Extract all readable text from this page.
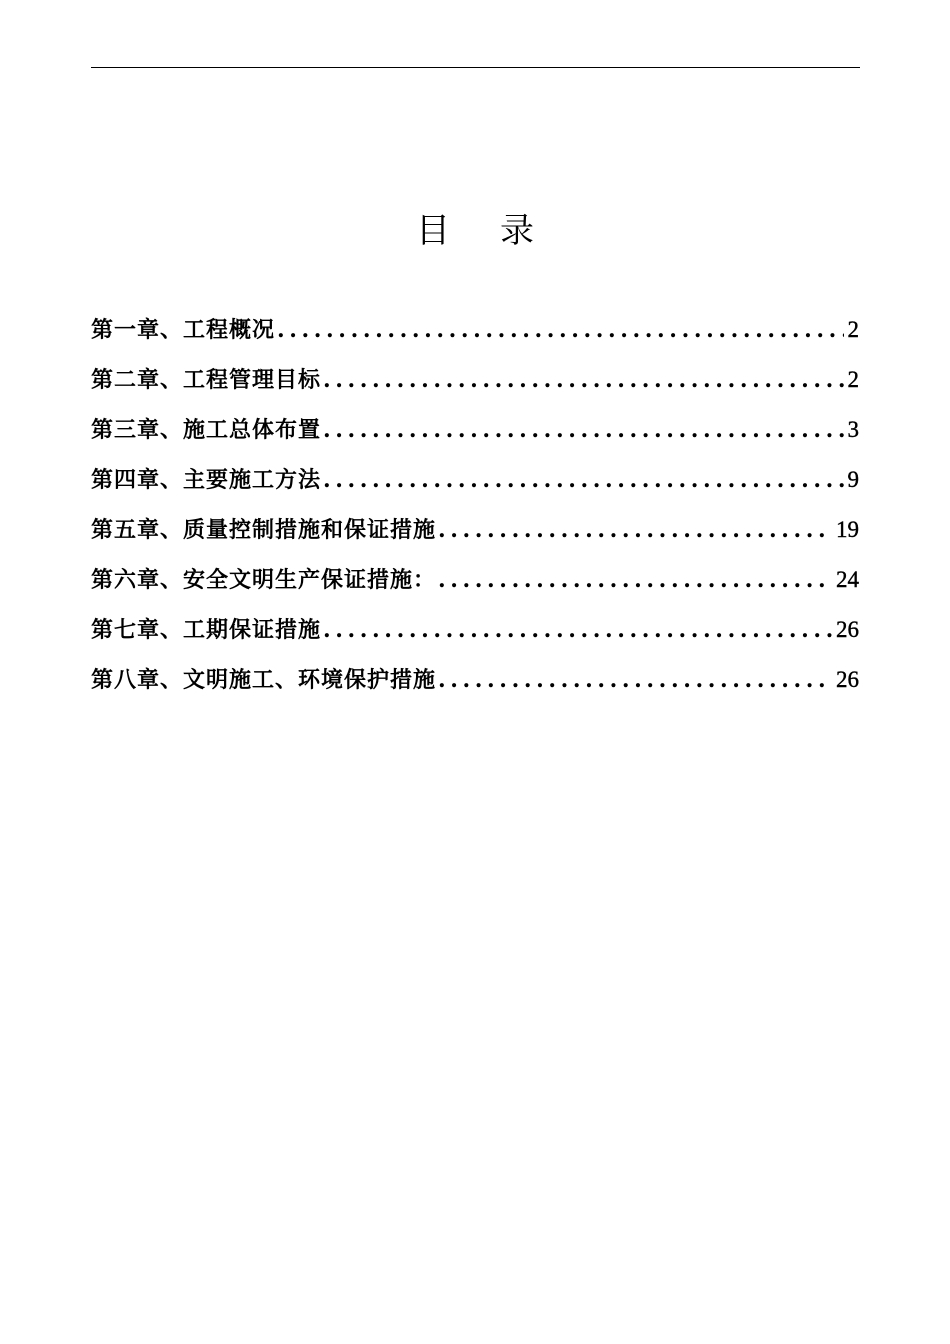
目 录
第一章、工程概况 .....	2
第二章、工程管理目标 .....	2
第三章、施工总体布置 .....	3
第四章、主要施工方法 .....	9
第五章、质量控制措施和保证措施 .....	19
第六章、安全文明生产保证措施： .....	24
第七章、工期保证措施 .....	26
第八章、文明施工、环境保护措施 .....	26
